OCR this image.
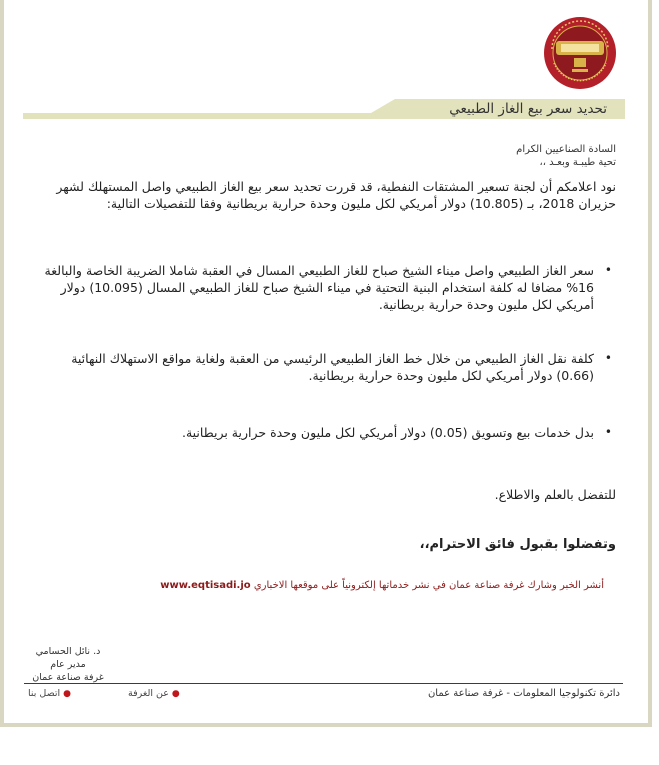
تحديد سعر بيع الغاز الطبيعي
السادة الصناعيين الكرام
تحية طيبـة وبعـد ،،
نود اعلامكم أن لجنة تسعير المشتقات النفطية، قد قررت تحديد سعر بيع الغاز الطبيعي واصل المستهلك لشهر حزيران 2018، بـ (10.805) دولار أمريكي لكل مليون وحدة حرارية بريطانية وفقا للتفصيلات التالية:
• سعر الغاز الطبيعي واصل ميناء الشيخ صباح للغاز الطبيعي المسال في العقبة شاملا الضريبة الخاصة والبالغة 16% مضافا له كلفة استخدام البنية التحتية في ميناء الشيخ صباح للغاز الطبيعي المسال (10.095) دولار أمريكي لكل مليون وحدة حرارية بريطانية.
• كلفة نقل الغاز الطبيعي من خلال خط الغاز الطبيعي الرئيسي من العقبة ولغاية مواقع الاستهلاك النهائية (0.66) دولار أمريكي لكل مليون وحدة حرارية بريطانية.
• بدل خدمات بيع وتسويق (0.05) دولار أمريكي لكل مليون وحدة حرارية بريطانية.
للتفضل بالعلم والاطلاع.
وتفضلوا بقبول فائق الاحترام،،
أنشر الخبر وشارك غرفة صناعة عمان في نشر خدماتها إلكترونياً على موقعها الاخباري www.eqtisadi.jo
د. نائل الحسامي
مدير عام
غرفة صناعة عمان
دائرة تكنولوجيا المعلومات - غرفة صناعة عمان
●عن الغرفة
●اتصل بنا
